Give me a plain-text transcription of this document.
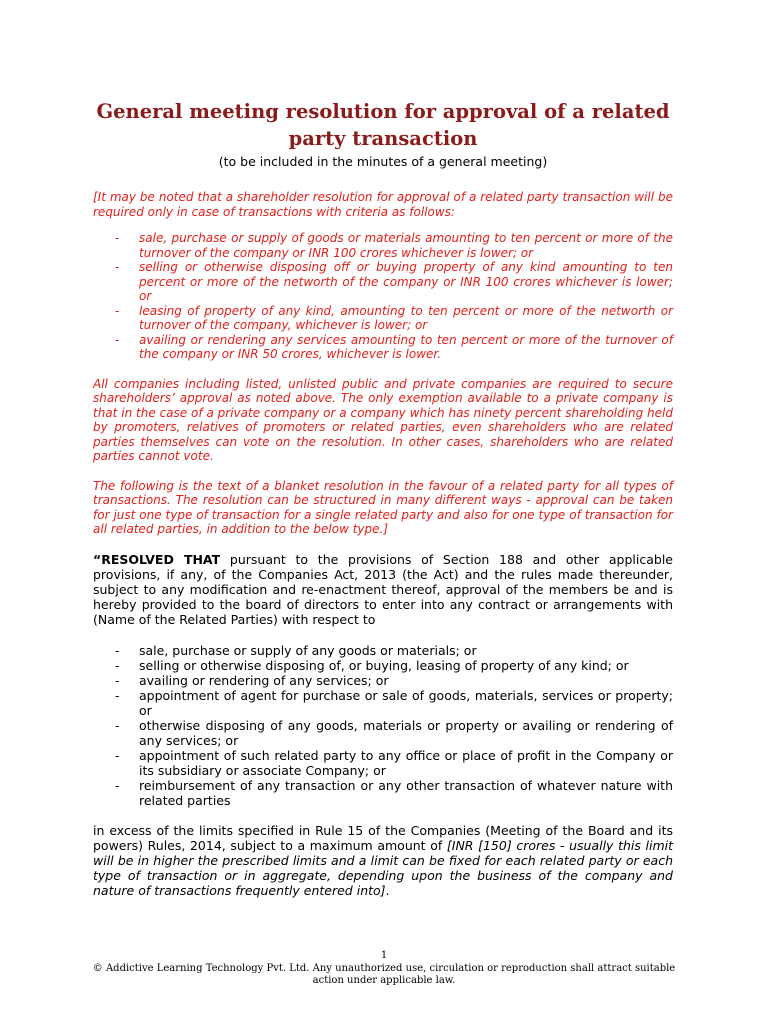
General meeting resolution for approval of a related party transaction

(to be included in the minutes of a general meeting)

[It may be noted that a shareholder resolution for approval of a related party transaction will be required only in case of transactions with criteria as follows:

- sale, purchase or supply of goods or materials amounting to ten percent or more of the turnover of the company or INR 100 crores whichever is lower; or
- selling or otherwise disposing off or buying property of any kind amounting to ten percent or more of the networth of the company or INR 100 crores whichever is lower; or
- leasing of property of any kind, amounting to ten percent or more of the networth or turnover of the company, whichever is lower; or
- availing or rendering any services amounting to ten percent or more of the turnover of the company or INR 50 crores, whichever is lower.

All companies including listed, unlisted public and private companies are required to secure shareholders’ approval as noted above. The only exemption available to a private company is that in the case of a private company or a company which has ninety percent shareholding held by promoters, relatives of promoters or related parties, even shareholders who are related parties themselves can vote on the resolution. In other cases, shareholders who are related parties cannot vote.

The following is the text of a blanket resolution in the favour of a related party for all types of transactions. The resolution can be structured in many different ways - approval can be taken for just one type of transaction for a single related party and also for one type of transaction for all related parties, in addition to the below type.]

“RESOLVED THAT pursuant to the provisions of Section 188 and other applicable provisions, if any, of the Companies Act, 2013 (the Act) and the rules made thereunder, subject to any modification and re-enactment thereof, approval of the members be and is hereby provided to the board of directors to enter into any contract or arrangements with (Name of the Related Parties) with respect to

- sale, purchase or supply of any goods or materials; or
- selling or otherwise disposing of, or buying, leasing of property of any kind; or
- availing or rendering of any services; or
- appointment of agent for purchase or sale of goods, materials, services or property; or
- otherwise disposing of any goods, materials or property or availing or rendering of any services; or
- appointment of such related party to any office or place of profit in the Company or its subsidiary or associate Company; or
- reimbursement of any transaction or any other transaction of whatever nature with related parties

in excess of the limits specified in Rule 15 of the Companies (Meeting of the Board and its powers) Rules, 2014, subject to a maximum amount of [INR [150] crores - usually this limit will be in higher the prescribed limits and a limit can be fixed for each related party or each type of transaction or in aggregate, depending upon the business of the company and nature of transactions frequently entered into].

1
© Addictive Learning Technology Pvt. Ltd. Any unauthorized use, circulation or reproduction shall attract suitable action under applicable law.
